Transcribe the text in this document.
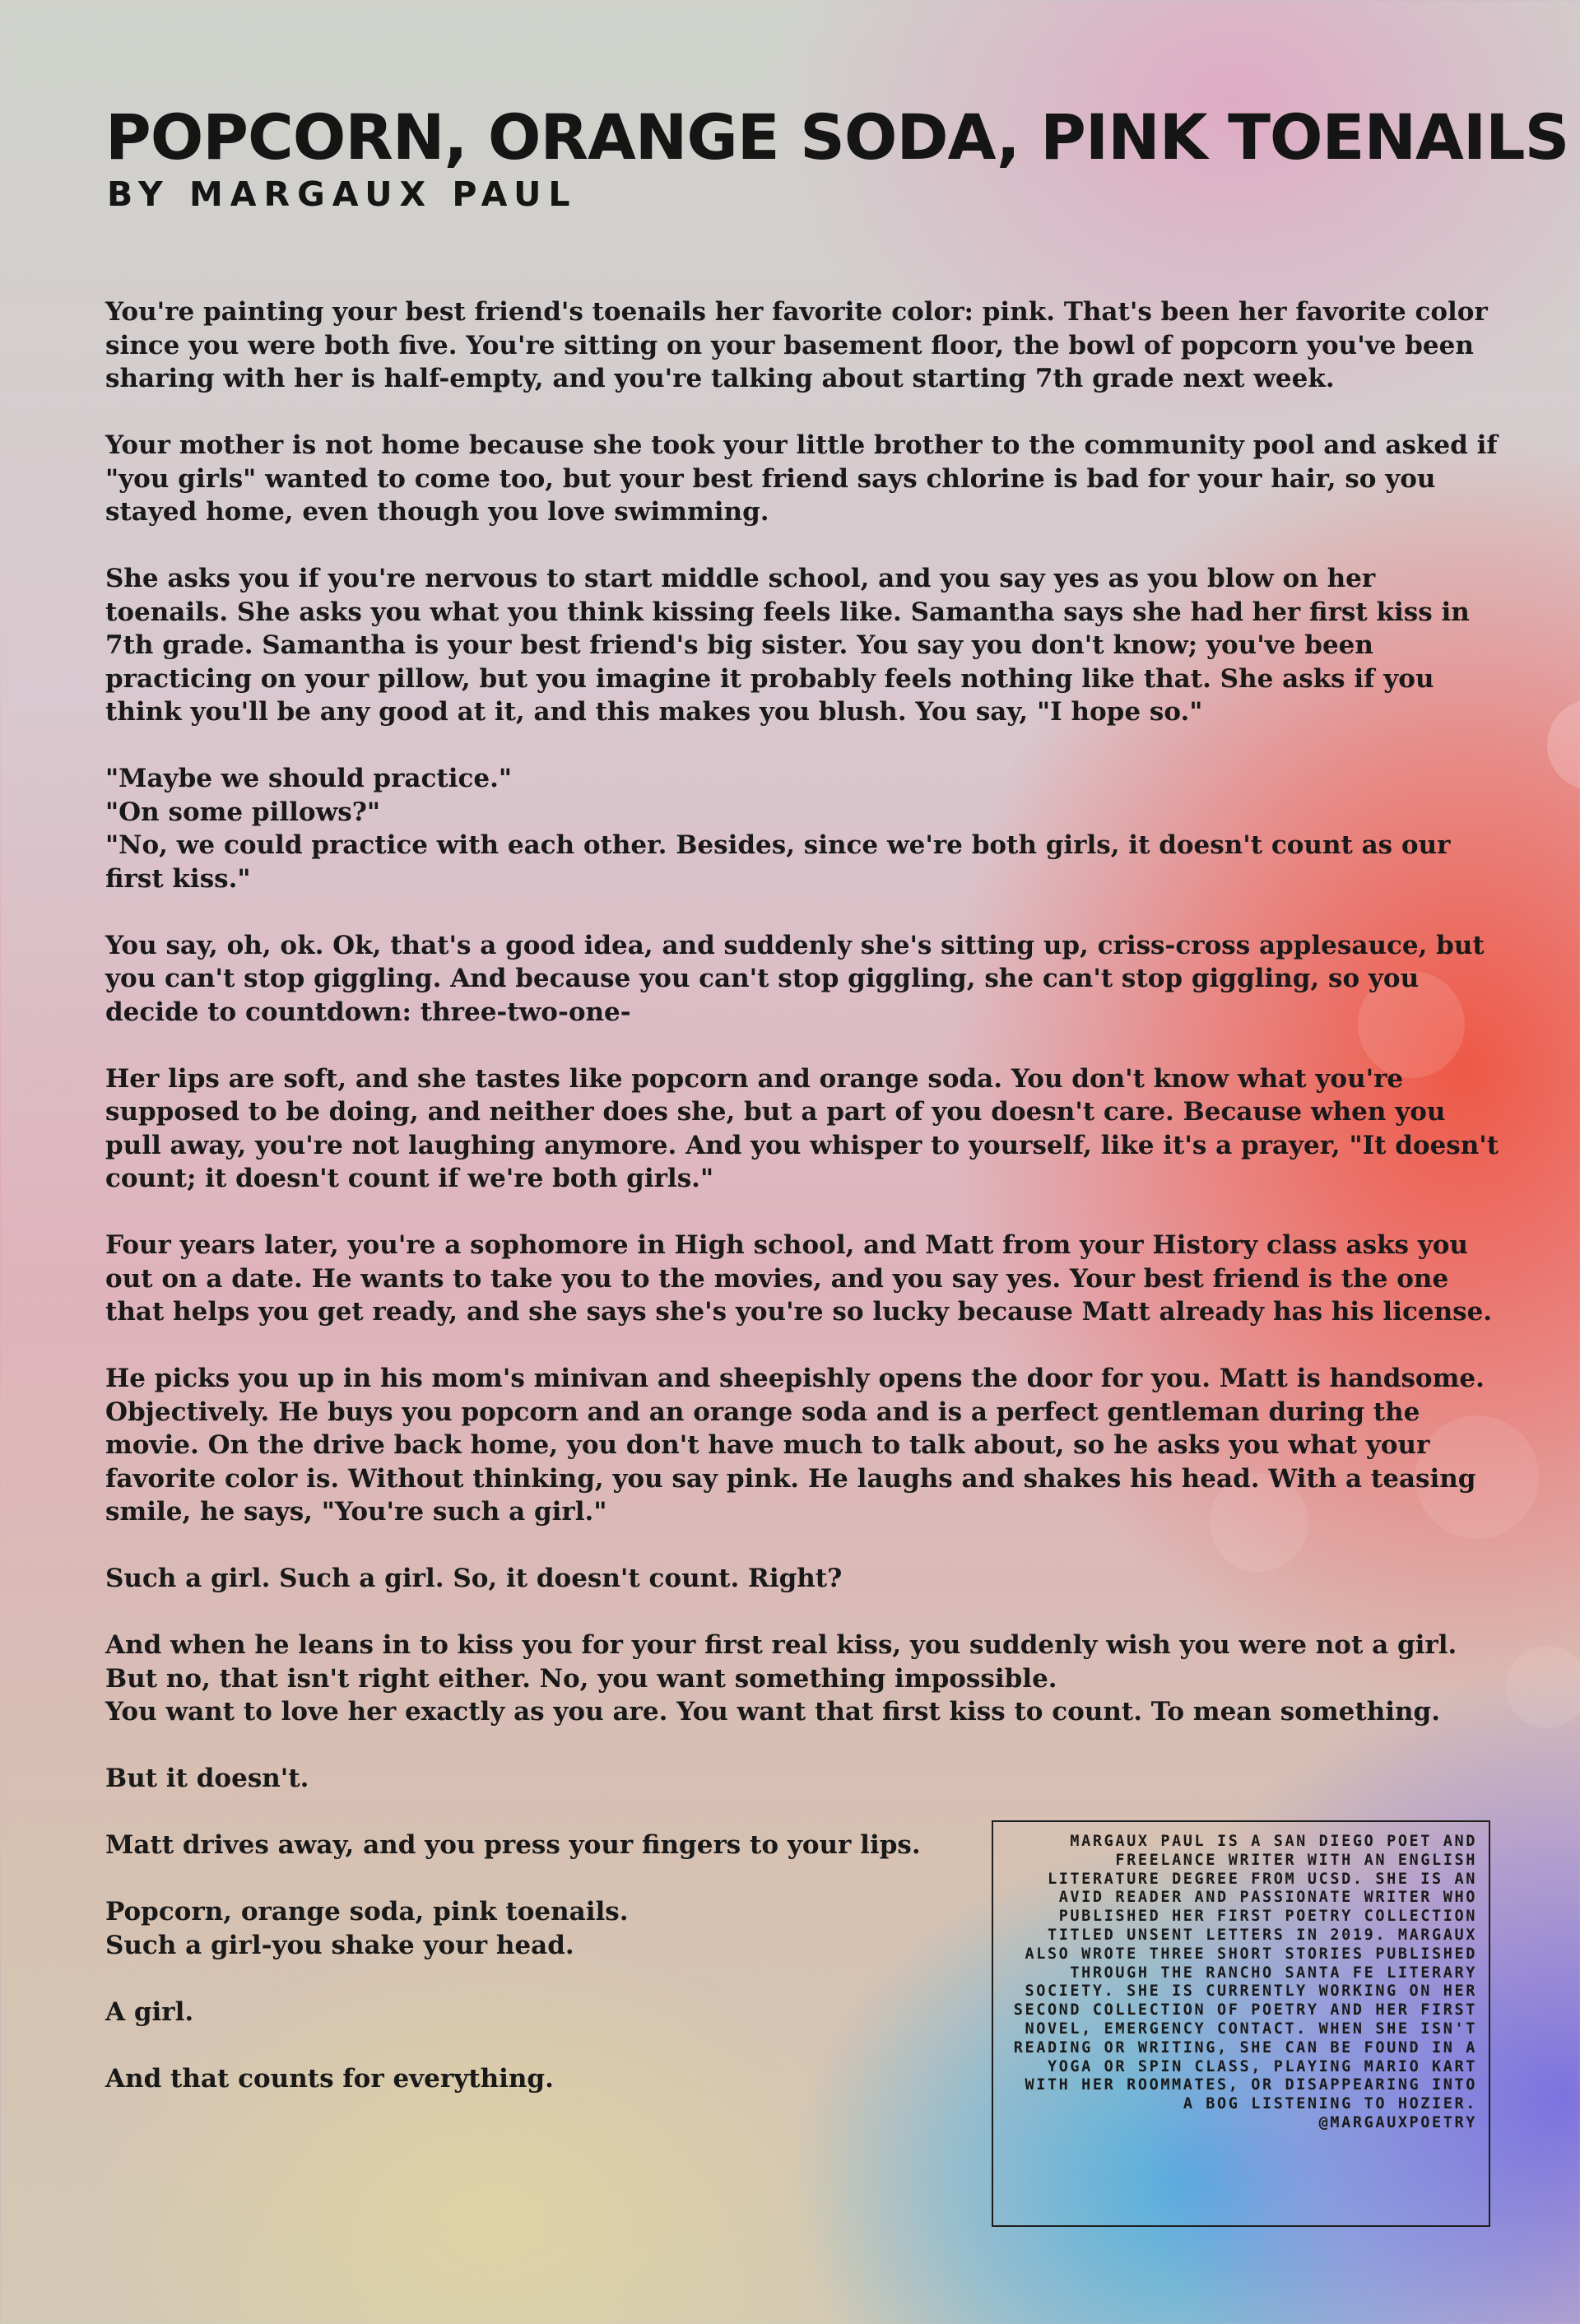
POPCORN, ORANGE SODA, PINK TOENAILS
BY MARGAUX PAUL

You're painting your best friend's toenails her favorite color: pink. That's been her favorite color since you were both five. You're sitting on your basement floor, the bowl of popcorn you've been sharing with her is half-empty, and you're talking about starting 7th grade next week.

Your mother is not home because she took your little brother to the community pool and asked if "you girls" wanted to come too, but your best friend says chlorine is bad for your hair, so you stayed home, even though you love swimming.

She asks you if you're nervous to start middle school, and you say yes as you blow on her toenails. She asks you what you think kissing feels like. Samantha says she had her first kiss in 7th grade. Samantha is your best friend's big sister. You say you don't know; you've been practicing on your pillow, but you imagine it probably feels nothing like that. She asks if you think you'll be any good at it, and this makes you blush. You say, "I hope so."

"Maybe we should practice."
"On some pillows?"
"No, we could practice with each other. Besides, since we're both girls, it doesn't count as our first kiss."

You say, oh, ok. Ok, that's a good idea, and suddenly she's sitting up, criss-cross applesauce, but you can't stop giggling. And because you can't stop giggling, she can't stop giggling, so you decide to countdown: three-two-one-

Her lips are soft, and she tastes like popcorn and orange soda. You don't know what you're supposed to be doing, and neither does she, but a part of you doesn't care. Because when you pull away, you're not laughing anymore. And you whisper to yourself, like it's a prayer, "It doesn't count; it doesn't count if we're both girls."

Four years later, you're a sophomore in High school, and Matt from your History class asks you out on a date. He wants to take you to the movies, and you say yes. Your best friend is the one that helps you get ready, and she says she's you're so lucky because Matt already has his license.

He picks you up in his mom's minivan and sheepishly opens the door for you. Matt is handsome. Objectively. He buys you popcorn and an orange soda and is a perfect gentleman during the movie. On the drive back home, you don't have much to talk about, so he asks you what your favorite color is. Without thinking, you say pink. He laughs and shakes his head. With a teasing smile, he says, "You're such a girl."

Such a girl. Such a girl. So, it doesn't count. Right?

And when he leans in to kiss you for your first real kiss, you suddenly wish you were not a girl.
But no, that isn't right either. No, you want something impossible.
You want to love her exactly as you are. You want that first kiss to count. To mean something.

But it doesn't.

Matt drives away, and you press your fingers to your lips.

Popcorn, orange soda, pink toenails.
Such a girl-you shake your head.

A girl.

And that counts for everything.

MARGAUX PAUL IS A SAN DIEGO POET AND FREELANCE WRITER WITH AN ENGLISH LITERATURE DEGREE FROM UCSD. SHE IS AN AVID READER AND PASSIONATE WRITER WHO PUBLISHED HER FIRST POETRY COLLECTION TITLED UNSENT LETTERS IN 2019. MARGAUX ALSO WROTE THREE SHORT STORIES PUBLISHED THROUGH THE RANCHO SANTA FE LITERARY SOCIETY. SHE IS CURRENTLY WORKING ON HER SECOND COLLECTION OF POETRY AND HER FIRST NOVEL, EMERGENCY CONTACT. WHEN SHE ISN'T READING OR WRITING, SHE CAN BE FOUND IN A YOGA OR SPIN CLASS, PLAYING MARIO KART WITH HER ROOMMATES, OR DISAPPEARING INTO A BOG LISTENING TO HOZIER.

@MARGAUXPOETRY
